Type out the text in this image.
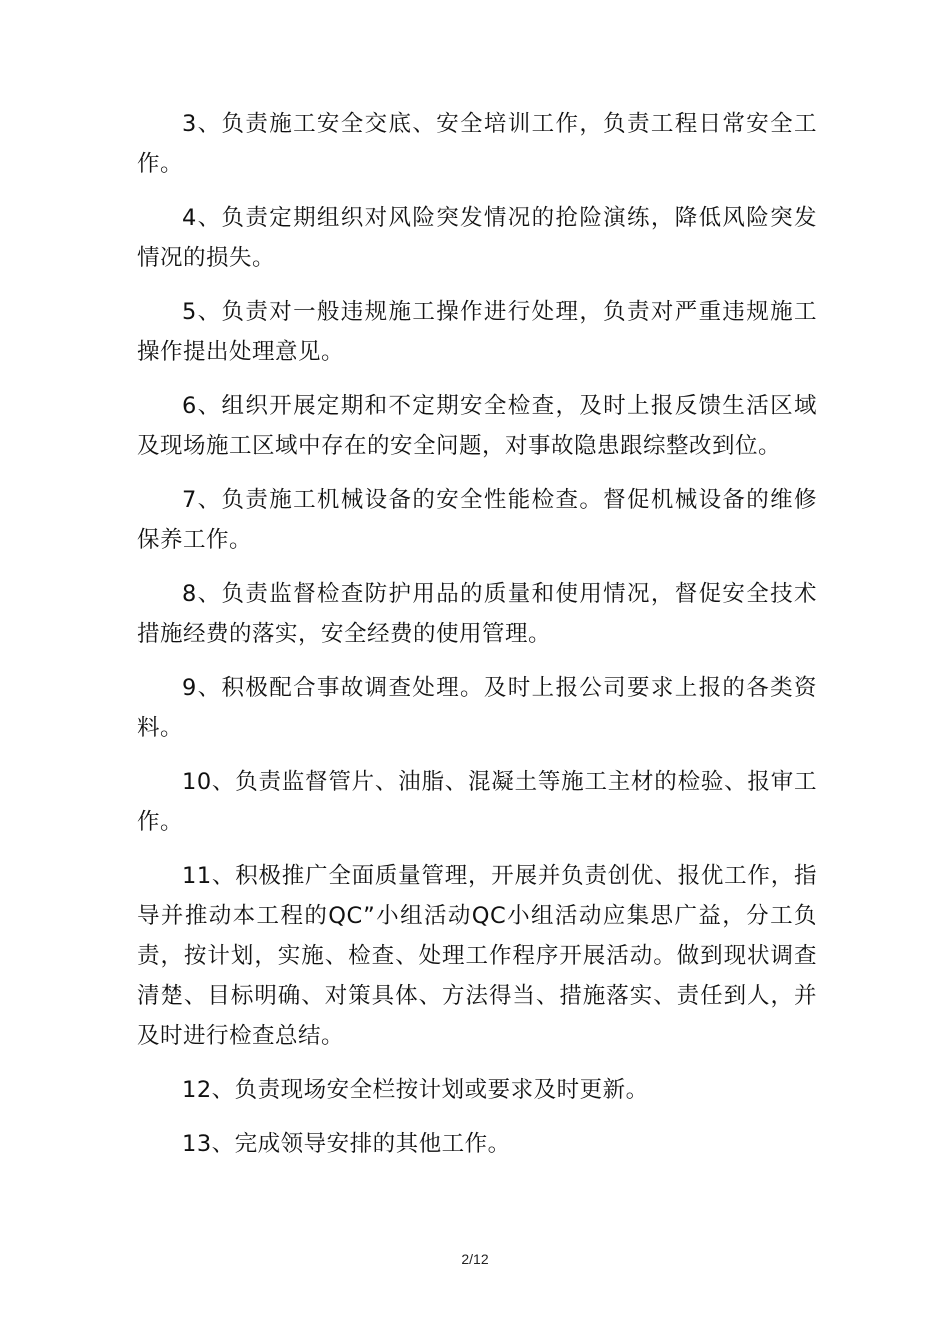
3、负责施工安全交底、安全培训工作，负责工程日常安全工作。

4、负责定期组织对风险突发情况的抢险演练，降低风险突发情况的损失。

5、负责对一般违规施工操作进行处理，负责对严重违规施工操作提出处理意见。

6、组织开展定期和不定期安全检查，及时上报反馈生活区域及现场施工区域中存在的安全问题，对事故隐患跟综整改到位。

7、负责施工机械设备的安全性能检查。督促机械设备的维修保养工作。

8、负责监督检查防护用品的质量和使用情况，督促安全技术措施经费的落实，安全经费的使用管理。

9、积极配合事故调查处理。及时上报公司要求上报的各类资料。

10、负责监督管片、油脂、混凝土等施工主材的检验、报审工作。

11、积极推广全面质量管理，开展并负责创优、报优工作，指导并推动本工程的QC”小组活动QC小组活动应集思广益，分工负责，按计划，实施、检查、处理工作程序开展活动。做到现状调查清楚、目标明确、对策具体、方法得当、措施落实、责任到人，并及时进行检查总结。

12、负责现场安全栏按计划或要求及时更新。

13、完成领导安排的其他工作。

2/12
